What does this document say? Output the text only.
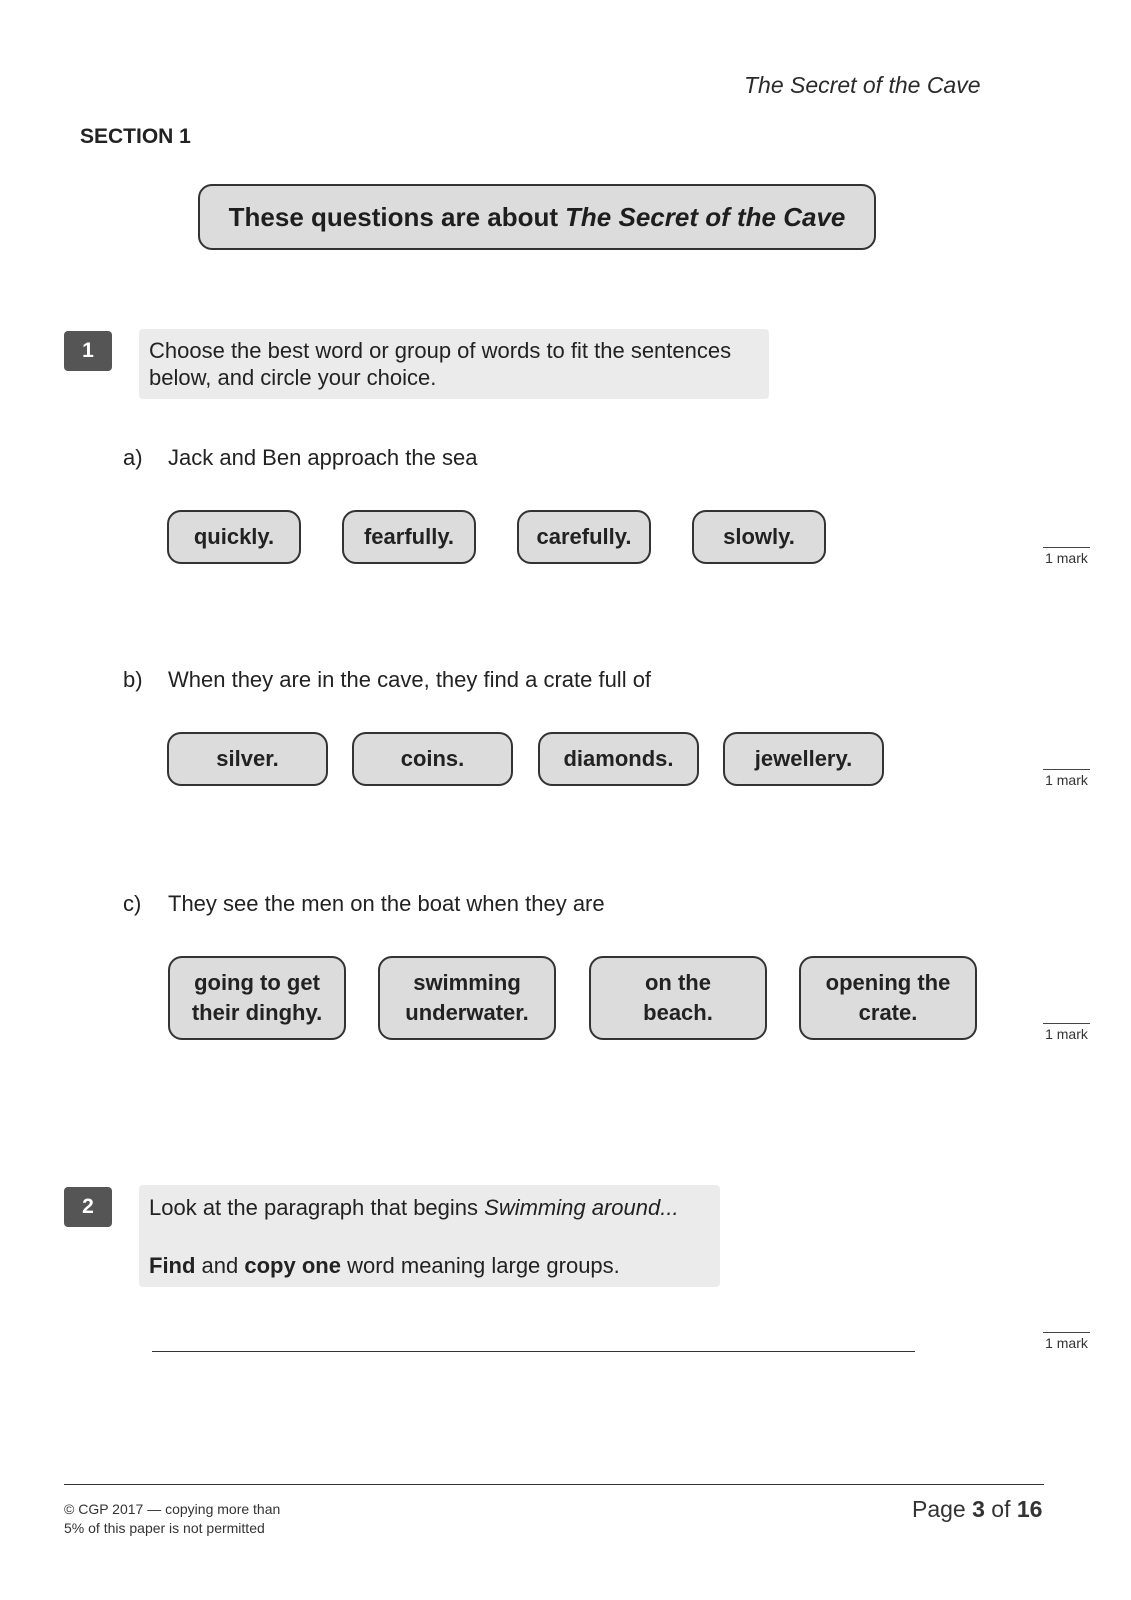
The Secret of the Cave
SECTION 1
These questions are about The Secret of the Cave
1	Choose the best word or group of words to fit the sentences
below, and circle your choice.
a) Jack and Ben approach the sea
quickly.	fearfully.	carefully.	slowly.
1 mark
b) When they are in the cave, they find a crate full of
silver.	coins.	diamonds.	jewellery.
1 mark
c) They see the men on the boat when they are
going to get
their dinghy.
swimming
underwater.
on the
beach.
opening the
crate.
1 mark
2	Look at the paragraph that begins Swimming around...
Find and copy one word meaning large groups.
1 mark
© CGP 2017 — copying more than
5% of this paper is not permitted
Page 3 of 16
